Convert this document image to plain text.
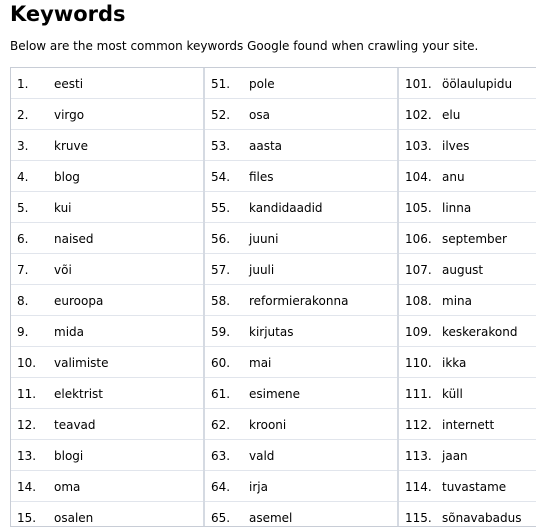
Keywords

Below are the most common keywords Google found when crawling your site.

1. eesti
2. virgo
3. kruve
4. blog
5. kui
6. naised
7. või
8. euroopa
9. mida
10. valimiste
11. elektrist
12. teavad
13. blogi
14. oma
15. osalen
51. pole
52. osa
53. aasta
54. files
55. kandidaadid
56. juuni
57. juuli
58. reformierakonna
59. kirjutas
60. mai
61. esimene
62. krooni
63. vald
64. irja
65. asemel
101. öölaulupidu
102. elu
103. ilves
104. anu
105. linna
106. september
107. august
108. mina
109. keskerakond
110. ikka
111. küll
112. internett
113. jaan
114. tuvastame
115. sõnavabadus
